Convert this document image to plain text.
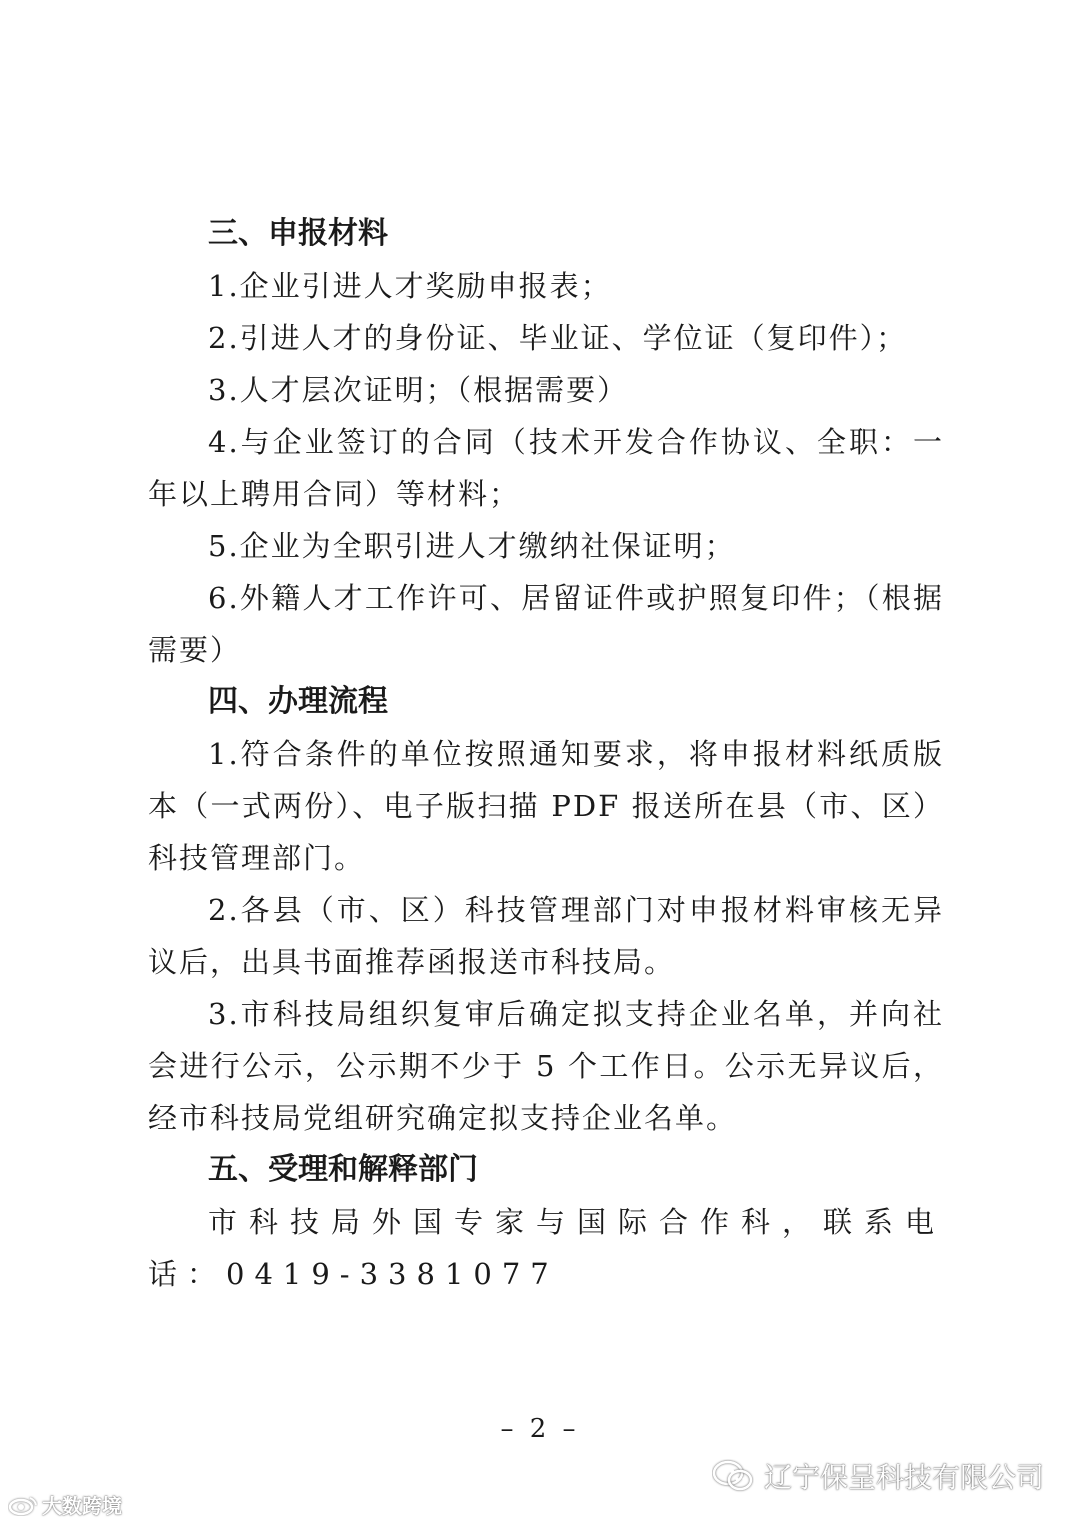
三、申报材料

1.企业引进人才奖励申报表；

2.引进人才的身份证、毕业证、学位证（复印件）；

3.人才层次证明；（根据需要）

4.与企业签订的合同（技术开发合作协议、全职：一年以上聘用合同）等材料；

5.企业为全职引进人才缴纳社保证明；

6.外籍人才工作许可、居留证件或护照复印件；（根据需要）

四、办理流程

1.符合条件的单位按照通知要求，将申报材料纸质版本（一式两份）、电子版扫描 PDF 报送所在县（市、区）科技管理部门。

2.各县（市、区）科技管理部门对申报材料审核无异议后，出具书面推荐函报送市科技局。

3.市科技局组织复审后确定拟支持企业名单，并向社会进行公示，公示期不少于 5 个工作日。公示无异议后，经市科技局党组研究确定拟支持企业名单。

五、受理和解释部门

市科技局外国专家与国际合作科，联系电话：0419-3381077

– 2 –
大数跨境
辽宁保呈科技有限公司
